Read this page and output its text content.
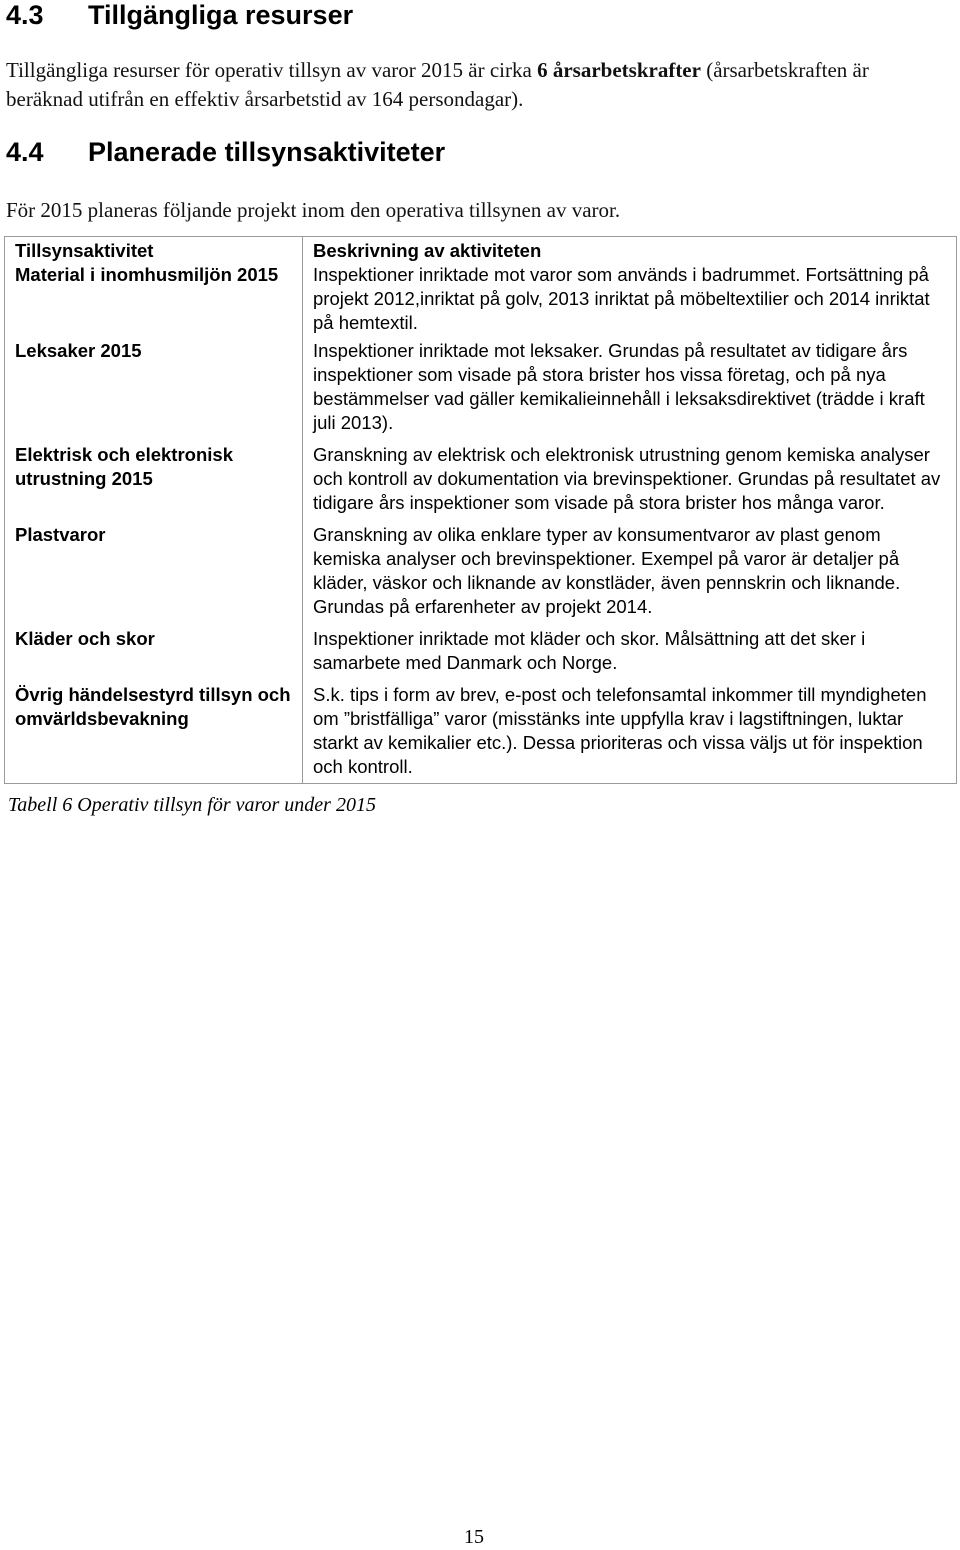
4.3 Tillgängliga resurser

Tillgängliga resurser för operativ tillsyn av varor 2015 är cirka 6 årsarbetskrafter (årsarbetskraften är beräknad utifrån en effektiv årsarbetstid av 164 persondagar).

4.4 Planerade tillsynsaktiviteter

För 2015 planeras följande projekt inom den operativa tillsynen av varor.

Tillsynsaktivitet	Beskrivning av aktiviteten

Material i inomhusmiljön 2015	Inspektioner inriktade mot varor som används i badrummet. Fortsättning på projekt 2012,inriktat på golv, 2013 inriktat på möbeltextilier och 2014 inriktat på hemtextil.

Leksaker 2015	Inspektioner inriktade mot leksaker. Grundas på resultatet av tidigare års inspektioner som visade på stora brister hos vissa företag, och på nya bestämmelser vad gäller kemikalieinnehåll i leksaksdirektivet (trädde i kraft juli 2013).

Elektrisk och elektronisk utrustning 2015	Granskning av elektrisk och elektronisk utrustning genom kemiska analyser och kontroll av dokumentation via brevinspektioner. Grundas på resultatet av tidigare års inspektioner som visade på stora brister hos många varor.

Plastvaror	Granskning av olika enklare typer av konsumentvaror av plast genom kemiska analyser och brevinspektioner. Exempel på varor är detaljer på kläder, väskor och liknande av konstläder, även pennskrin och liknande. Grundas på erfarenheter av projekt 2014.

Kläder och skor	Inspektioner inriktade mot kläder och skor. Målsättning att det sker i samarbete med Danmark och Norge.

Övrig händelsestyrd tillsyn och omvärldsbevakning	S.k. tips i form av brev, e-post och telefonsamtal inkommer till myndigheten om ”bristfälliga” varor (misstänks inte uppfylla krav i lagstiftningen, luktar starkt av kemikalier etc.). Dessa prioriteras och vissa väljs ut för inspektion och kontroll.
Tabell 6 Operativ tillsyn för varor under 2015
15
